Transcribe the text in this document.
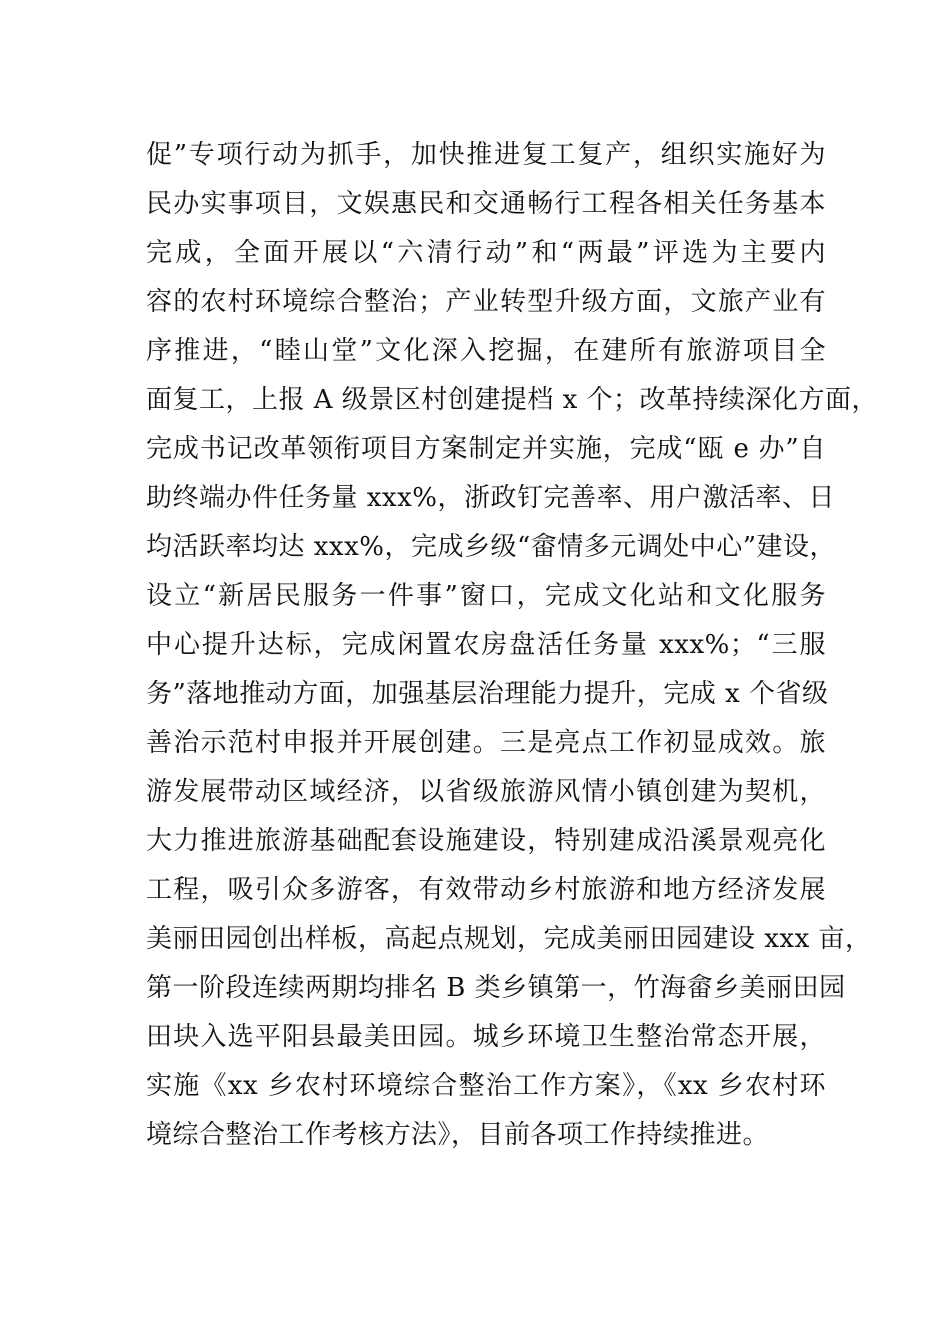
促”专项行动为抓手，加快推进复工复产，组织实施好为
民办实事项目，文娱惠民和交通畅行工程各相关任务基本
完成，全面开展以“六清行动”和“两最”评选为主要内
容的农村环境综合整治；产业转型升级方面，文旅产业有
序推进，“睦山堂”文化深入挖掘，在建所有旅游项目全
面复工，上报 A 级景区村创建提档 x 个；改革持续深化方面，
完成书记改革领衔项目方案制定并实施，完成“瓯 e 办”自
助终端办件任务量 xxx%，浙政钉完善率、用户激活率、日
均活跃率均达 xxx%，完成乡级“畲情多元调处中心”建设，
设立“新居民服务一件事”窗口，完成文化站和文化服务
中心提升达标，完成闲置农房盘活任务量 xxx%；“三服
务”落地推动方面，加强基层治理能力提升，完成 x 个省级
善治示范村申报并开展创建。三是亮点工作初显成效。旅
游发展带动区域经济，以省级旅游风情小镇创建为契机，
大力推进旅游基础配套设施建设，特别建成沿溪景观亮化
工程，吸引众多游客，有效带动乡村旅游和地方经济发展
美丽田园创出样板，高起点规划，完成美丽田园建设 xxx 亩，
第一阶段连续两期均排名 B 类乡镇第一，竹海畲乡美丽田园
田块入选平阳县最美田园。城乡环境卫生整治常态开展，
实施《xx 乡农村环境综合整治工作方案》，《xx 乡农村环
境综合整治工作考核方法》，目前各项工作持续推进。
